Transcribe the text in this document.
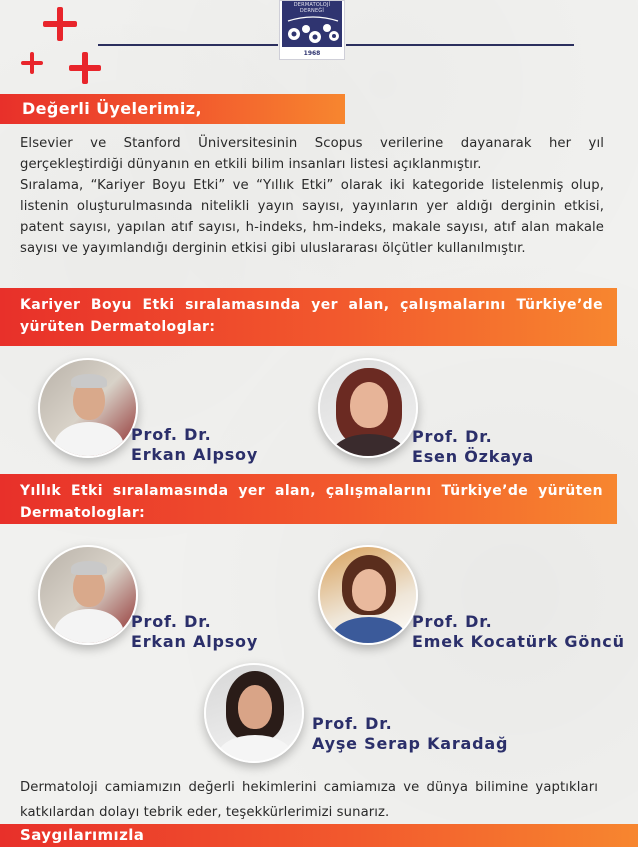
DERMATOLOJİ DERNEĞİ
1968
Değerli Üyelerimiz,
Elsevier ve Stanford Üniversitesinin Scopus verilerine dayanarak her yıl gerçekleştirdiği dünyanın en etkili bilim insanları listesi açıklanmıştır.
Sıralama, “Kariyer Boyu Etki” ve “Yıllık Etki” olarak iki kategoride listelenmiş olup, listenin oluşturulmasında nitelikli yayın sayısı, yayınların yer aldığı derginin etkisi, patent sayısı, yapılan atıf sayısı, h-indeks, hm-indeks, makale sayısı, atıf alan makale sayısı ve yayımlandığı derginin etkisi gibi uluslararası ölçütler kullanılmıştır.
Kariyer Boyu Etki sıralamasında yer alan, çalışmalarını Türkiye’de yürüten Dermatologlar:
Prof. Dr.
Erkan Alpsoy
Prof. Dr.
Esen Özkaya
Yıllık Etki sıralamasında yer alan, çalışmalarını Türkiye’de yürüten Dermatologlar:
Prof. Dr.
Erkan Alpsoy
Prof. Dr.
Emek Kocatürk Göncü
Prof. Dr.
Ayşe Serap Karadağ
Dermatoloji camiamızın değerli hekimlerini camiamıza ve dünya bilimine yaptıkları katkılardan dolayı tebrik eder, teşekkürlerimizi sunarız.
Saygılarımızla
